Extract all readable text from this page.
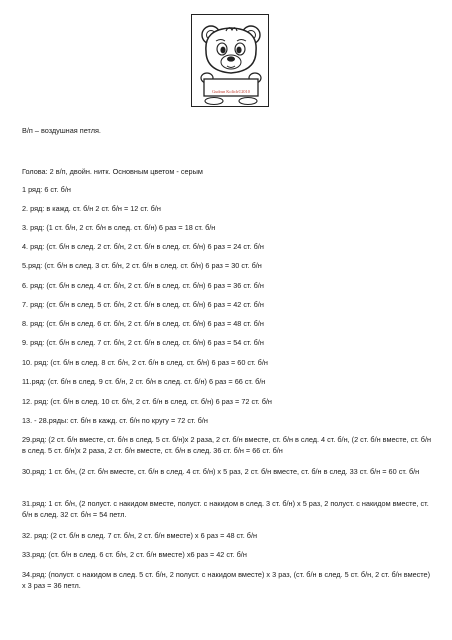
Gudrun Kolich©2010
В/п – воздушная петля.
Голова: 2 в/п, двойн. нитк. Основным цветом - серым
1 ряд: 6 ст. б/н
2. ряд: в кажд. ст. б/н 2 ст. б/н = 12 ст. б/н
3. ряд: (1 ст. б/н, 2 ст. б/н в след. ст. б/н) 6 раз = 18 ст. б/н
4. ряд: (ст. б/н в след. 2 ст. б/н, 2 ст. б/н в след. ст. б/н) 6 раз = 24 ст. б/н
5.ряд: (ст. б/н в след. 3 ст. б/н, 2 ст. б/н в след. ст. б/н) 6 раз = 30 ст. б/н
6. ряд: (ст. б/н в след. 4 ст. б/н, 2 ст. б/н в след. ст. б/н) 6 раз = 36 ст. б/н
7. ряд: (ст. б/н в след. 5 ст. б/н, 2 ст. б/н в след. ст. б/н) 6 раз = 42 ст. б/н
8. ряд: (ст. б/н в след. 6 ст. б/н, 2 ст. б/н в след. ст. б/н) 6 раз = 48 ст. б/н
9. ряд: (ст. б/н в след. 7 ст. б/н, 2 ст. б/н в след. ст. б/н) 6 раз = 54 ст. б/н
10. ряд: (ст. б/н в след. 8 ст. б/н, 2 ст. б/н в след. ст. б/н) 6 раз = 60 ст. б/н
11.ряд: (ст. б/н в след. 9 ст. б/н, 2 ст. б/н в след. ст. б/н) 6 раз = 66 ст. б/н
12. ряд: (ст. б/н в след. 10 ст. б/н, 2 ст. б/н в след. ст. б/н) 6 раз = 72 ст. б/н
13. - 28.ряды: ст. б/н в кажд. ст. б/н по кругу = 72 ст. б/н
29.ряд: (2 ст. б/н вместе, ст. б/н в след. 5 ст. б/н)х 2 раза, 2 ст. б/н вместе, ст. б/н в след. 4 ст. б/н, (2 ст. б/н вместе, ст. б/н в след. 5 ст. б/н)х 2 раза, 2 ст. б/н вместе, ст. б/н в след. 36 ст. б/н = 66 ст. б/н
30.ряд: 1 ст. б/н, (2 ст. б/н вместе, ст. б/н в след. 4 ст. б/н) х 5 раз, 2 ст. б/н вместе, ст. б/н в след. 33 ст. б/н = 60 ст. б/н
31.ряд: 1 ст. б/н, (2 полуст. с накидом вместе, полуст. с накидом в след. 3 ст. б/н) х 5 раз, 2 полуст. с накидом вместе, ст. б/н в след. 32 ст. б/н = 54 петл.
32. ряд: (2 ст. б/н в след. 7 ст. б/н, 2 ст. б/н вместе) х 6 раз = 48 ст. б/н
33.ряд: (ст. б/н в след. 6 ст. б/н, 2 ст. б/н вместе) х6 раз = 42 ст. б/н
34.ряд: (полуст. с накидом в след. 5 ст. б/н, 2 полуст. с накидом вместе) х 3 раз, (ст. б/н в след. 5 ст. б/н, 2 ст. б/н вместе) х 3 раз = 36 петл.
